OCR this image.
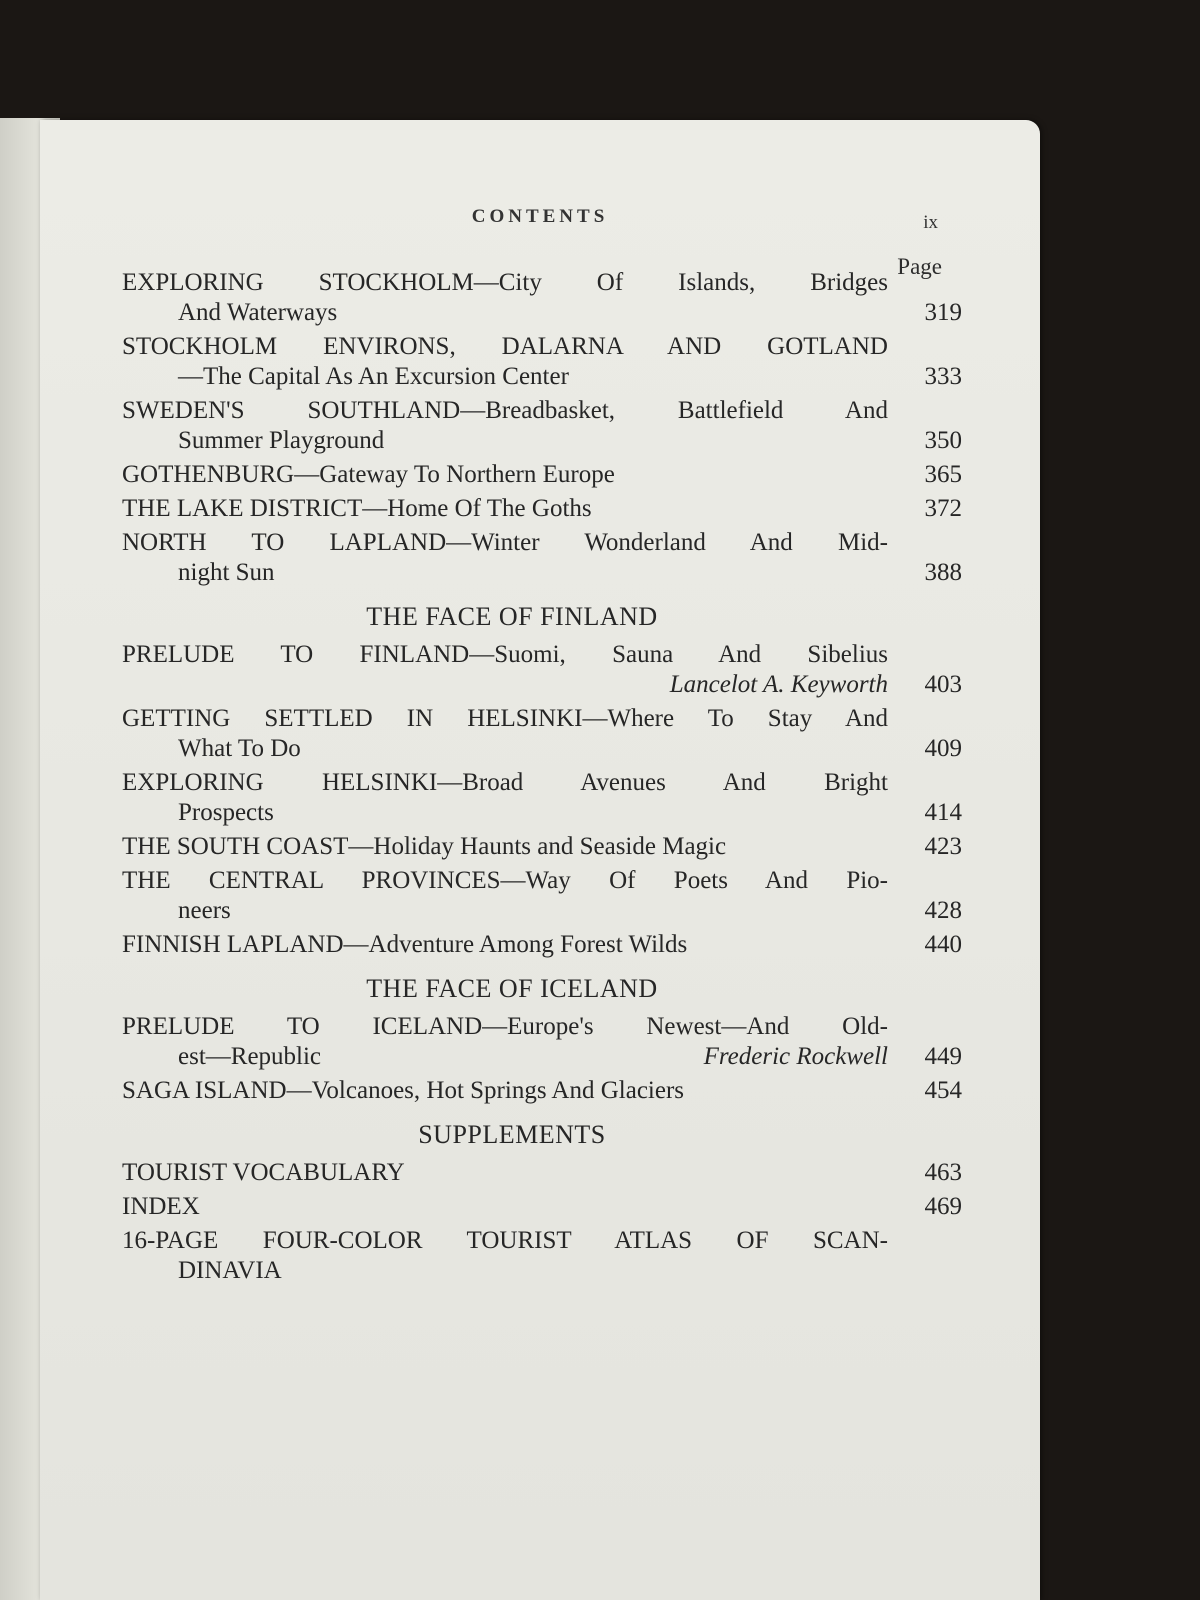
CONTENTS	ix
Page
EXPLORING STOCKHOLM—City Of Islands, Bridges
And Waterways	319
STOCKHOLM ENVIRONS, DALARNA AND GOTLAND
—The Capital As An Excursion Center	333
SWEDEN'S SOUTHLAND—Breadbasket, Battlefield And
Summer Playground	350
GOTHENBURG—Gateway To Northern Europe	365
THE LAKE DISTRICT—Home Of The Goths	372
NORTH TO LAPLAND—Winter Wonderland And Mid-
night Sun	388
THE FACE OF FINLAND
PRELUDE TO FINLAND—Suomi, Sauna And Sibelius
Lancelot A. Keyworth	403
GETTING SETTLED IN HELSINKI—Where To Stay And
What To Do	409
EXPLORING HELSINKI—Broad Avenues And Bright
Prospects	414
THE SOUTH COAST—Holiday Haunts and Seaside Magic	423
THE CENTRAL PROVINCES—Way Of Poets And Pio-
neers	428
FINNISH LAPLAND—Adventure Among Forest Wilds	440
THE FACE OF ICELAND
PRELUDE TO ICELAND—Europe's Newest—And Old-
est—Republic	Frederic Rockwell	449
SAGA ISLAND—Volcanoes, Hot Springs And Glaciers	454
SUPPLEMENTS
TOURIST VOCABULARY	463
INDEX	469
16-PAGE FOUR-COLOR TOURIST ATLAS OF SCAN-
DINAVIA
